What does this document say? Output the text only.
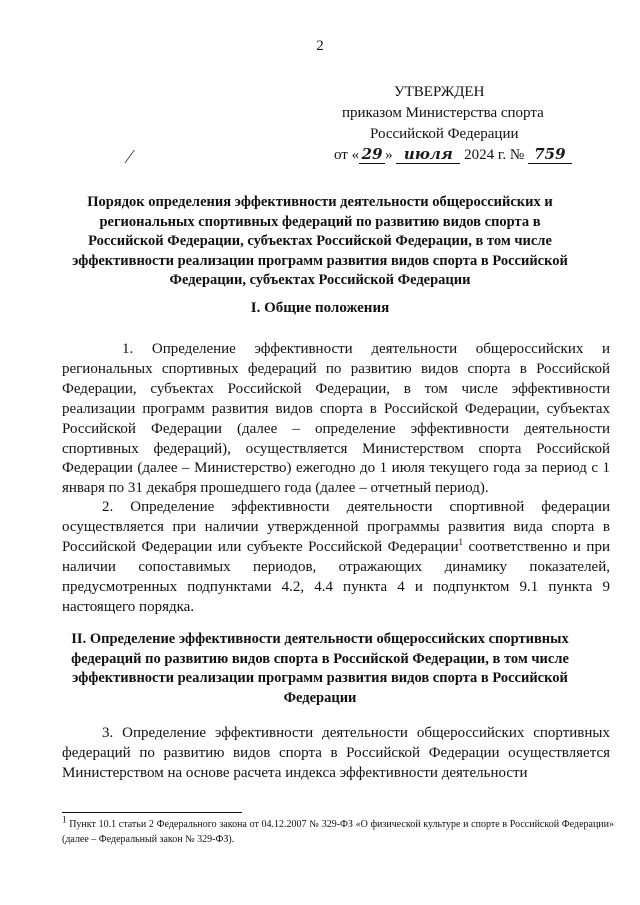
2
УТВЕРЖДЕН
приказом Министерства спорта
Российской Федерации
от « 29 » июля 2024 г. № 759
⁄
Порядок определения эффективности деятельности общероссийских и региональных спортивных федераций по развитию видов спорта в Российской Федерации, субъектах Российской Федерации, в том числе эффективности реализации программ развития видов спорта в Российской Федерации, субъектах Российской Федерации
I. Общие положения
1. Определение эффективности деятельности общероссийских и региональных спортивных федераций по развитию видов спорта в Российской Федерации, субъектах Российской Федерации, в том числе эффективности реализации программ развития видов спорта в Российской Федерации, субъектах Российской Федерации (далее – определение эффективности деятельности спортивных федераций), осуществляется Министерством спорта Российской Федерации (далее – Министерство) ежегодно до 1 июля текущего года за период с 1 января по 31 декабря прошедшего года (далее – отчетный период).
2. Определение эффективности деятельности спортивной федерации осуществляется при наличии утвержденной программы развития вида спорта в Российской Федерации или субъекте Российской Федерации$^1$ соответственно и при наличии сопоставимых периодов, отражающих динамику показателей, предусмотренных подпунктами 4.2, 4.4 пункта 4 и подпунктом 9.1 пункта 9 настоящего порядка.
II. Определение эффективности деятельности общероссийских спортивных федераций по развитию видов спорта в Российской Федерации, в том числе эффективности реализации программ развития видов спорта в Российской Федерации
3. Определение эффективности деятельности общероссийских спортивных федераций по развитию видов спорта в Российской Федерации осуществляется Министерством на основе расчета индекса эффективности деятельности
$^1$ Пункт 10.1 статьи 2 Федерального закона от 04.12.2007 № 329-ФЗ «О физической культуре и спорте в Российской Федерации» (далее – Федеральный закон № 329-ФЗ).
